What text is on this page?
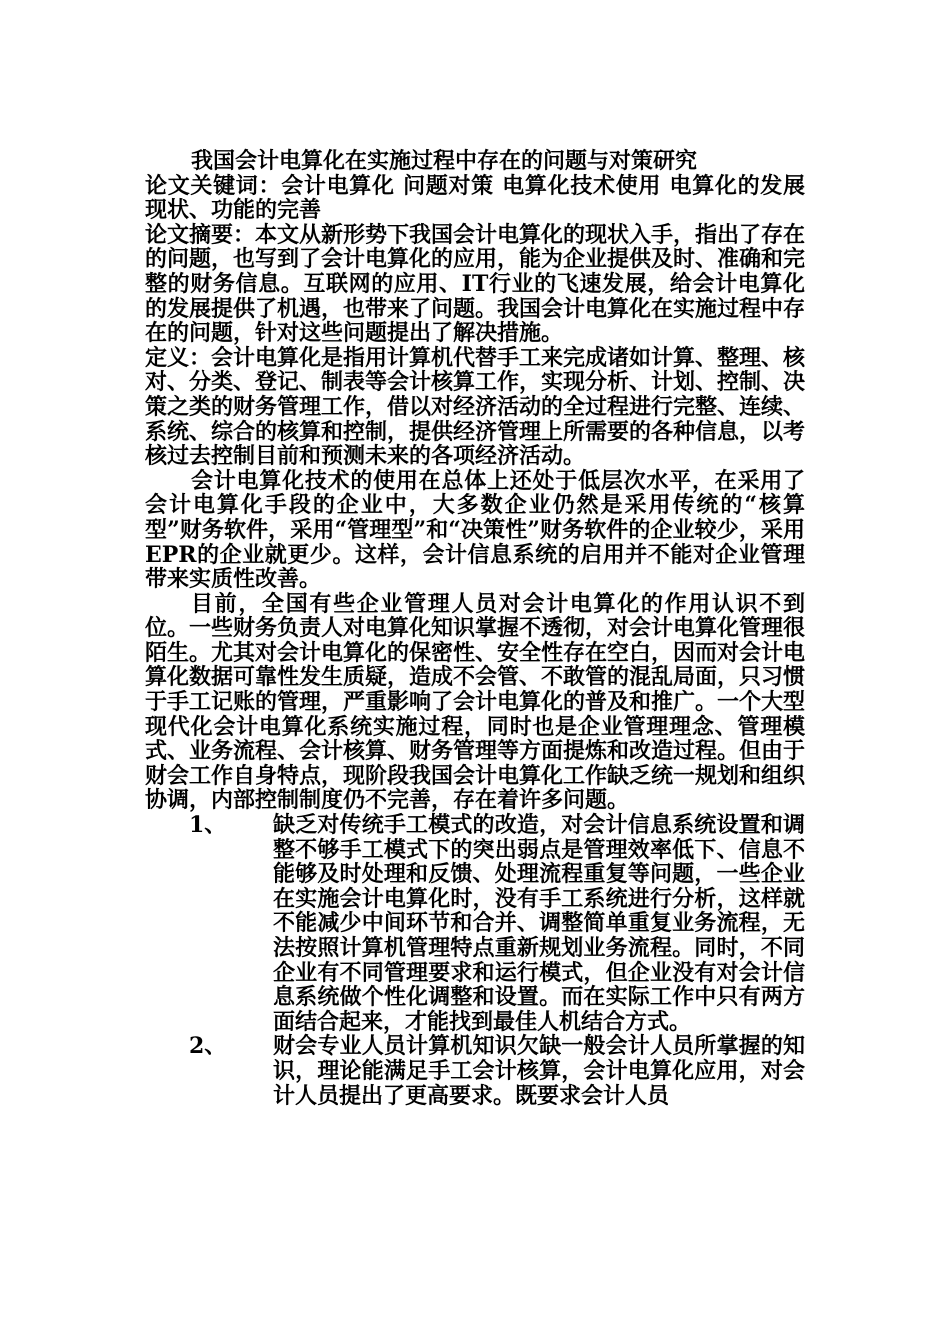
我国会计电算化在实施过程中存在的问题与对策研究

论文关键词：会计电算化 问题对策 电算化技术使用 电算化的发展现状、功能的完善

论文摘要：本文从新形势下我国会计电算化的现状入手，指出了存在的问题，也写到了会计电算化的应用，能为企业提供及时、准确和完整的财务信息。互联网的应用、IT行业的飞速发展，给会计电算化的发展提供了机遇，也带来了问题。我国会计电算化在实施过程中存在的问题，针对这些问题提出了解决措施。

定义：会计电算化是指用计算机代替手工来完成诸如计算、整理、核对、分类、登记、制表等会计核算工作，实现分析、计划、控制、决策之类的财务管理工作，借以对经济活动的全过程进行完整、连续、系统、综合的核算和控制，提供经济管理上所需要的各种信息，以考核过去控制目前和预测未来的各项经济活动。

会计电算化技术的使用在总体上还处于低层次水平，在采用了会计电算化手段的企业中，大多数企业仍然是采用传统的“核算型”财务软件，采用“管理型”和“决策性”财务软件的企业较少，采用EPR的企业就更少。这样，会计信息系统的启用并不能对企业管理带来实质性改善。

目前，全国有些企业管理人员对会计电算化的作用认识不到位。一些财务负责人对电算化知识掌握不透彻，对会计电算化管理很陌生。尤其对会计电算化的保密性、安全性存在空白，因而对会计电算化数据可靠性发生质疑，造成不会管、不敢管的混乱局面，只习惯于手工记账的管理，严重影响了会计电算化的普及和推广。一个大型现代化会计电算化系统实施过程，同时也是企业管理理念、管理模式、业务流程、会计核算、财务管理等方面提炼和改造过程。但由于财会工作自身特点，现阶段我国会计电算化工作缺乏统一规划和组织协调，内部控制制度仍不完善，存在着许多问题。

1、	缺乏对传统手工模式的改造，对会计信息系统设置和调整不够手工模式下的突出弱点是管理效率低下、信息不能够及时处理和反馈、处理流程重复等问题，一些企业在实施会计电算化时，没有手工系统进行分析，这样就不能减少中间环节和合并、调整简单重复业务流程，无法按照计算机管理特点重新规划业务流程。同时，不同企业有不同管理要求和运行模式，但企业没有对会计信息系统做个性化调整和设置。而在实际工作中只有两方面结合起来，才能找到最佳人机结合方式。
2、	财会专业人员计算机知识欠缺一般会计人员所掌握的知识，理论能满足手工会计核算，会计电算化应用，对会计人员提出了更高要求。既要求会计人员
